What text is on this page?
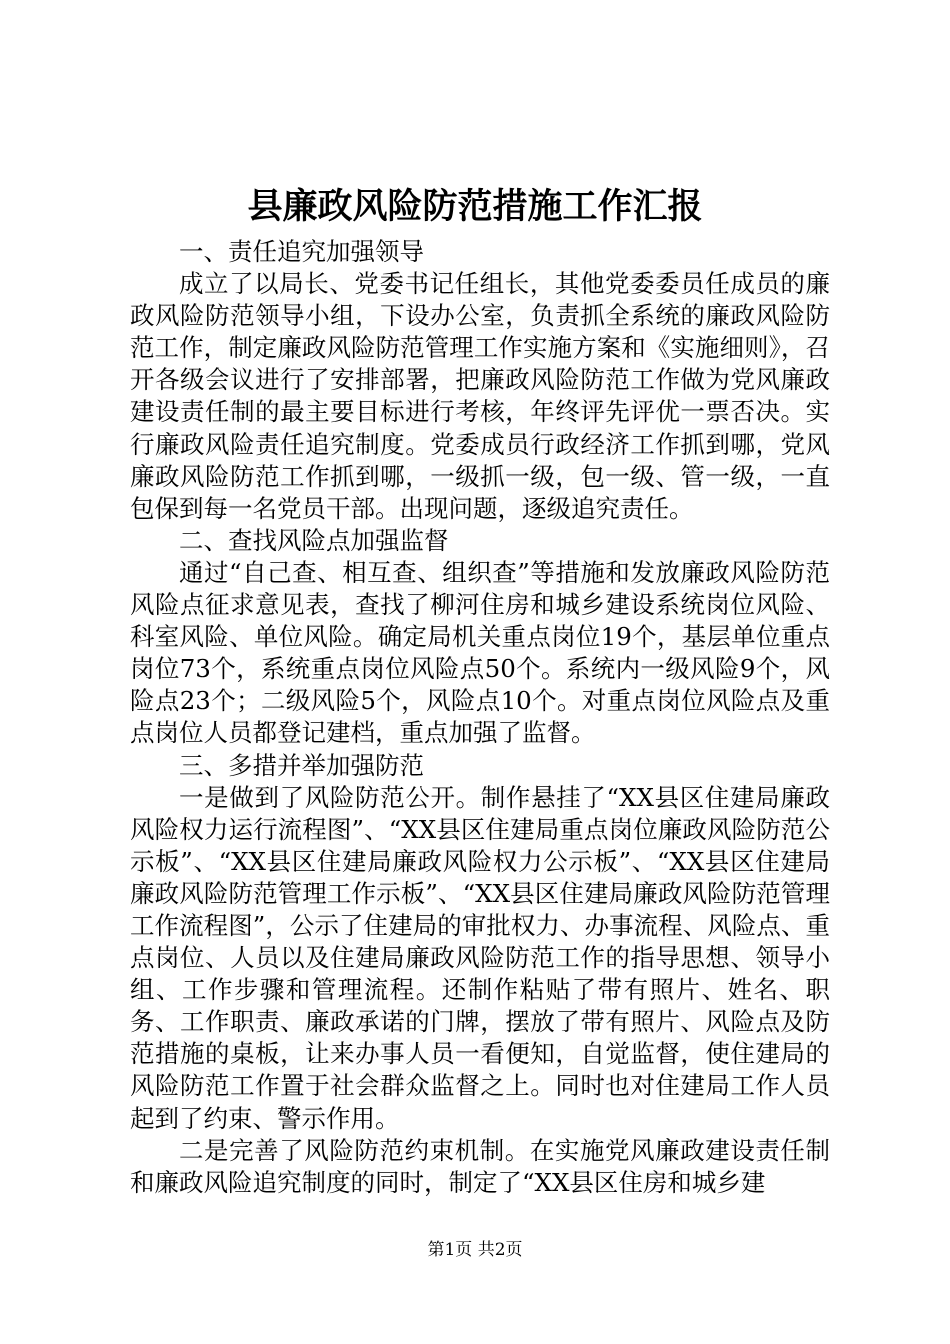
县廉政风险防范措施工作汇报

一、责任追究加强领导

成立了以局长、党委书记任组长，其他党委委员任成员的廉政风险防范领导小组，下设办公室，负责抓全系统的廉政风险防范工作，制定廉政风险防范管理工作实施方案和《实施细则》，召开各级会议进行了安排部署，把廉政风险防范工作做为党风廉政建设责任制的最主要目标进行考核，年终评先评优一票否决。实行廉政风险责任追究制度。党委成员行政经济工作抓到哪，党风廉政风险防范工作抓到哪，一级抓一级，包一级、管一级，一直包保到每一名党员干部。出现问题，逐级追究责任。

二、查找风险点加强监督

通过“自己查、相互查、组织查”等措施和发放廉政风险防范风险点征求意见表，查找了柳河住房和城乡建设系统岗位风险、科室风险、单位风险。确定局机关重点岗位19个，基层单位重点岗位73个，系统重点岗位风险点50个。系统内一级风险9个，风险点23个；二级风险5个，风险点10个。对重点岗位风险点及重点岗位人员都登记建档，重点加强了监督。

三、多措并举加强防范

一是做到了风险防范公开。制作悬挂了“XX县区住建局廉政风险权力运行流程图”、“XX县区住建局重点岗位廉政风险防范公示板”、“XX县区住建局廉政风险权力公示板”、“XX县区住建局廉政风险防范管理工作示板”、“XX县区住建局廉政风险防范管理工作流程图”，公示了住建局的审批权力、办事流程、风险点、重点岗位、人员以及住建局廉政风险防范工作的指导思想、领导小组、工作步骤和管理流程。还制作粘贴了带有照片、姓名、职务、工作职责、廉政承诺的门牌，摆放了带有照片、风险点及防范措施的桌板，让来办事人员一看便知，自觉监督，使住建局的风险防范工作置于社会群众监督之上。同时也对住建局工作人员起到了约束、警示作用。

二是完善了风险防范约束机制。在实施党风廉政建设责任制和廉政风险追究制度的同时，制定了“XX县区住房和城乡建

第1页 共2页
